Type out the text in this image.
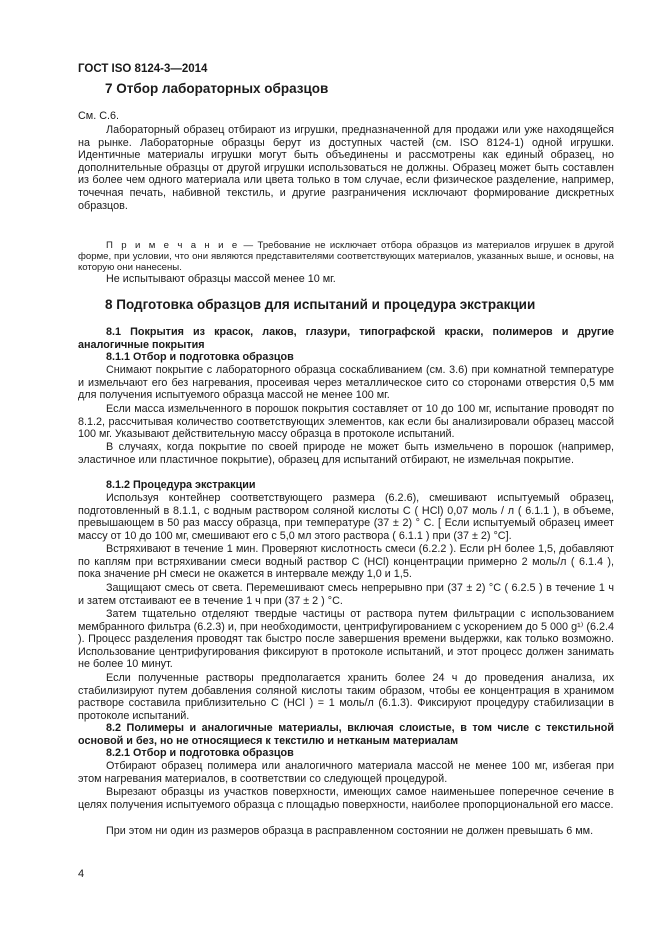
ГОСТ ISO 8124-3—2014
7 Отбор лабораторных образцов

См. С.6.

Лабораторный образец отбирают из игрушки, предназначенной для продажи или уже находящейся на рынке. Лабораторные образцы берут из доступных частей (см. ISO 8124-1) одной игрушки. Идентичные материалы игрушки могут быть объединены и рассмотрены как единый образец, но дополнительные образцы от другой игрушки использоваться не должны. Образец может быть составлен из более чем одного материала или цвета только в том случае, если физическое разделение, например, точечная печать, набивной текстиль, и другие разграничения исключают формирование дискретных образцов.

П р и м е ч а н и е — Требование не исключает отбора образцов из материалов игрушек в другой форме, при условии, что они являются представителями соответствующих материалов, указанных выше, и основы, на которую они нанесены.

Не испытывают образцы массой менее 10 мг.

8 Подготовка образцов для испытаний и процедура экстракции

8.1 Покрытия из красок, лаков, глазури, типографской краски, полимеров и другие аналогичные покрытия

8.1.1 Отбор и подготовка образцов

Снимают покрытие с лабораторного образца соскабливанием (см. 3.6) при комнатной температуре и измельчают его без нагревания, просеивая через металлическое сито со сторонами отверстия 0,5 мм для получения испытуемого образца массой не менее 100 мг.

Если масса измельченного в порошок покрытия составляет от 10 до 100 мг, испытание проводят по 8.1.2, рассчитывая количество соответствующих элементов, как если бы анализировали образец массой 100 мг. Указывают действительную массу образца в протоколе испытаний.

В случаях, когда покрытие по своей природе не может быть измельчено в порошок (например, эластичное или пластичное покрытие), образец для испытаний отбирают, не измельчая покрытие.

8.1.2 Процедура экстракции

Используя контейнер соответствующего размера (6.2.6), смешивают испытуемый образец, подготовленный в 8.1.1, с водным раствором соляной кислоты C ( HCl) 0,07 моль / л ( 6.1.1 ), в объеме, превышающем в 50 раз массу образца, при температуре (37 ± 2) ° С. [ Если испытуемый образец имеет массу от 10 до 100 мг, смешивают его с 5,0 мл этого раствора ( 6.1.1 ) при (37 ± 2) °С].

Встряхивают в течение 1 мин. Проверяют кислотность смеси (6.2.2 ). Если рН более 1,5, добавляют по каплям при встряхивании смеси водный раствор C (HCl) концентрации примерно 2 моль/л ( 6.1.4 ), пока значение рН смеси не окажется в интервале между 1,0 и 1,5.

Защищают смесь от света. Перемешивают смесь непрерывно при (37 ± 2) °С ( 6.2.5 ) в течение 1 ч и затем отстаивают ее в течение 1 ч при (37 ± 2 ) °С.

Затем тщательно отделяют твердые частицы от раствора путем фильтрации с использованием мембранного фильтра (6.2.3) и, при необходимости, центрифугированием с ускорением до 5 000 g¹⁾ (6.2.4 ). Процесс разделения проводят так быстро после завершения времени выдержки, как только возможно. Использование центрифугирования фиксируют в протоколе испытаний, и этот процесс должен занимать не более 10 минут.

Если полученные растворы предполагается хранить более 24 ч до проведения анализа, их стабилизируют путем добавления соляной кислоты таким образом, чтобы ее концентрация в хранимом растворе составила приблизительно C (HCl ) = 1 моль/л (6.1.3). Фиксируют процедуру стабилизации в протоколе испытаний.

8.2 Полимеры и аналогичные материалы, включая слоистые, в том числе с текстильной основой и без, но не относящиеся к текстилю и нетканым материалам

8.2.1 Отбор и подготовка образцов

Отбирают образец полимера или аналогичного материала массой не менее 100 мг, избегая при этом нагревания материалов, в соответствии со следующей процедурой.

Вырезают образцы из участков поверхности, имеющих самое наименьшее поперечное сечение в целях получения испытуемого образца с площадью поверхности, наиболее пропорциональной его массе.

При этом ни один из размеров образца в расправленном состоянии не должен превышать 6 мм.

4
